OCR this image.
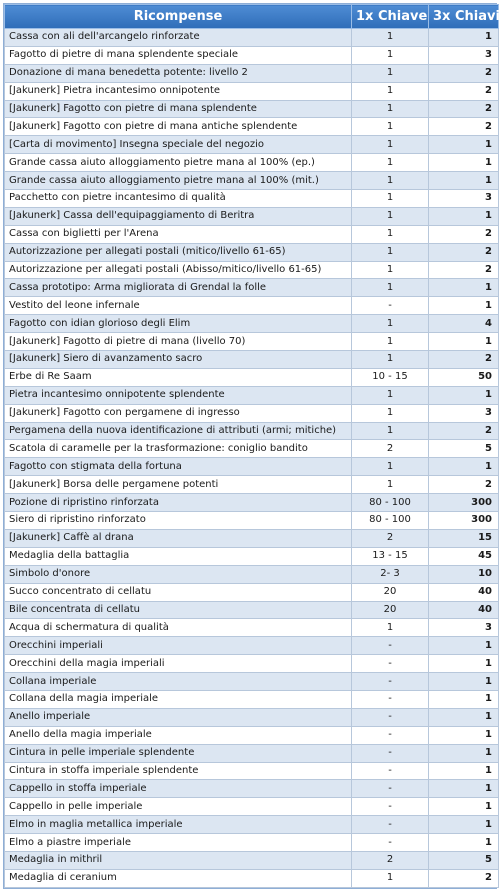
Ricompense	1x Chiave	3x Chiavi
Cassa con ali dell'arcangelo rinforzate	1	1
Fagotto di pietre di mana splendente speciale	1	3
Donazione di mana benedetta potente: livello 2	1	2
[Jakunerk] Pietra incantesimo onnipotente	1	2
[Jakunerk] Fagotto con pietre di mana splendente	1	2
[Jakunerk] Fagotto con pietre di mana antiche splendente	1	2
[Carta di movimento] Insegna speciale del negozio	1	1
Grande cassa aiuto alloggiamento pietre mana al 100% (ep.)	1	1
Grande cassa aiuto alloggiamento pietre mana al 100% (mit.)	1	1
Pacchetto con pietre incantesimo di qualità	1	3
[Jakunerk] Cassa dell'equipaggiamento di Beritra	1	1
Cassa con biglietti per l'Arena	1	2
Autorizzazione per allegati postali (mitico/livello 61-65)	1	2
Autorizzazione per allegati postali (Abisso/mitico/livello 61-65)	1	2
Cassa prototipo: Arma migliorata di Grendal la folle	1	1
Vestito del leone infernale	-	1
Fagotto con idian glorioso degli Elim	1	4
[Jakunerk] Fagotto di pietre di mana (livello 70)	1	1
[Jakunerk] Siero di avanzamento sacro	1	2
Erbe di Re Saam	10 - 15	50
Pietra incantesimo onnipotente splendente	1	1
[Jakunerk] Fagotto con pergamene di ingresso	1	3
Pergamena della nuova identificazione di attributi (armi; mitiche)	1	2
Scatola di caramelle per la trasformazione: coniglio bandito	2	5
Fagotto con stigmata della fortuna	1	1
[Jakunerk] Borsa delle pergamene potenti	1	2
Pozione di ripristino rinforzata	80 - 100	300
Siero di ripristino rinforzato	80 - 100	300
[Jakunerk] Caffè al drana	2	15
Medaglia della battaglia	13 - 15	45
Simbolo d'onore	2- 3	10
Succo concentrato di cellatu	20	40
Bile concentrata di cellatu	20	40
Acqua di schermatura di qualità	1	3
Orecchini imperiali	-	1
Orecchini della magia imperiali	-	1
Collana imperiale	-	1
Collana della magia imperiale	-	1
Anello imperiale	-	1
Anello della magia imperiale	-	1
Cintura in pelle imperiale splendente	-	1
Cintura in stoffa imperiale splendente	-	1
Cappello in stoffa imperiale	-	1
Cappello in pelle imperiale	-	1
Elmo in maglia metallica imperiale	-	1
Elmo a piastre imperiale	-	1
Medaglia in mithril	2	5
Medaglia di ceranium	1	2
